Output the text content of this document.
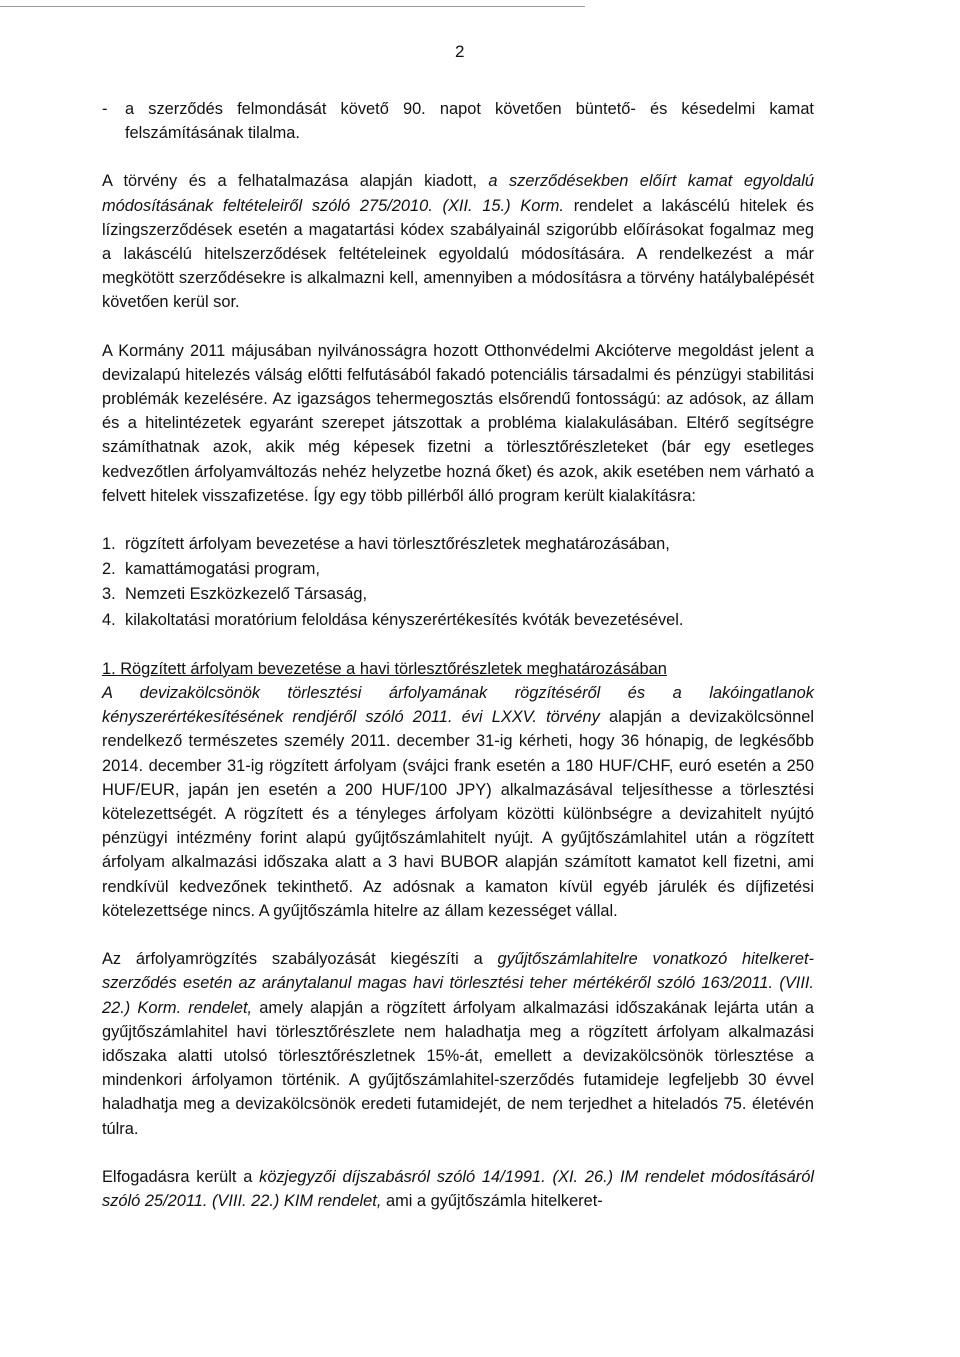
2
- a szerződés felmondását követő 90. napot követően büntető- és késedelmi kamat felszámításának tilalma.

A törvény és a felhatalmazása alapján kiadott, a szerződésekben előírt kamat egyoldalú módosításának feltételeiről szóló 275/2010. (XII. 15.) Korm. rendelet a lakáscélú hitelek és lízingszerződések esetén a magatartási kódex szabályainál szigorúbb előírásokat fogalmaz meg a lakáscélú hitelszerződések feltételeinek egyoldalú módosítására. A rendelkezést a már megkötött szerződésekre is alkalmazni kell, amennyiben a módosításra a törvény hatálybalépését követően kerül sor.

A Kormány 2011 májusában nyilvánosságra hozott Otthonvédelmi Akcióterve megoldást jelent a devizalapú hitelezés válság előtti felfutásából fakadó potenciális társadalmi és pénzügyi stabilitási problémák kezelésére. Az igazságos tehermegosztás elsőrendű fontosságú: az adósok, az állam és a hitelintézetek egyaránt szerepet játszottak a probléma kialakulásában. Eltérő segítségre számíthatnak azok, akik még képesek fizetni a törlesztőrészleteket (bár egy esetleges kedvezőtlen árfolyamváltozás nehéz helyzetbe hozná őket) és azok, akik esetében nem várható a felvett hitelek visszafizetése. Így egy több pillérből álló program került kialakításra:

1. rögzített árfolyam bevezetése a havi törlesztőrészletek meghatározásában,
2. kamattámogatási program,
3. Nemzeti Eszközkezelő Társaság,
4. kilakoltatási moratórium feloldása kényszerértékesítés kvóták bevezetésével.
1. Rögzített árfolyam bevezetése a havi törlesztőrészletek meghatározásában

A devizakölcsönök törlesztési árfolyamának rögzítéséről és a lakóingatlanok kényszerértékesítésének rendjéről szóló 2011. évi LXXV. törvény alapján a devizakölcsönnel rendelkező természetes személy 2011. december 31-ig kérheti, hogy 36 hónapig, de legkésőbb 2014. december 31-ig rögzített árfolyam (svájci frank esetén a 180 HUF/CHF, euró esetén a 250 HUF/EUR, japán jen esetén a 200 HUF/100 JPY) alkalmazásával teljesíthesse a törlesztési kötelezettségét. A rögzített és a tényleges árfolyam közötti különbségre a devizahitelt nyújtó pénzügyi intézmény forint alapú gyűjtőszámlahitelt nyújt. A gyűjtőszámlahitel után a rögzített árfolyam alkalmazási időszaka alatt a 3 havi BUBOR alapján számított kamatot kell fizetni, ami rendkívül kedvezőnek tekinthető. Az adósnak a kamaton kívül egyéb járulék és díjfizetési kötelezettsége nincs. A gyűjtőszámla hitelre az állam kezességet vállal.

Az árfolyamrögzítés szabályozását kiegészíti a gyűjtőszámlahitelre vonatkozó hitelkeret-szerződés esetén az aránytalanul magas havi törlesztési teher mértékéről szóló 163/2011. (VIII. 22.) Korm. rendelet, amely alapján a rögzített árfolyam alkalmazási időszakának lejárta után a gyűjtőszámlahitel havi törlesztőrészlete nem haladhatja meg a rögzített árfolyam alkalmazási időszaka alatti utolsó törlesztőrészletnek 15%-át, emellett a devizakölcsönök törlesztése a mindenkori árfolyamon történik. A gyűjtőszámlahitel-szerződés futamideje legfeljebb 30 évvel haladhatja meg a devizakölcsönök eredeti futamidejét, de nem terjedhet a hiteladós 75. életévén túlra.

Elfogadásra került a közjegyzői díjszabásról szóló 14/1991. (XI. 26.) IM rendelet módosításáról szóló 25/2011. (VIII. 22.) KIM rendelet, ami a gyűjtőszámla hitelkeret-
